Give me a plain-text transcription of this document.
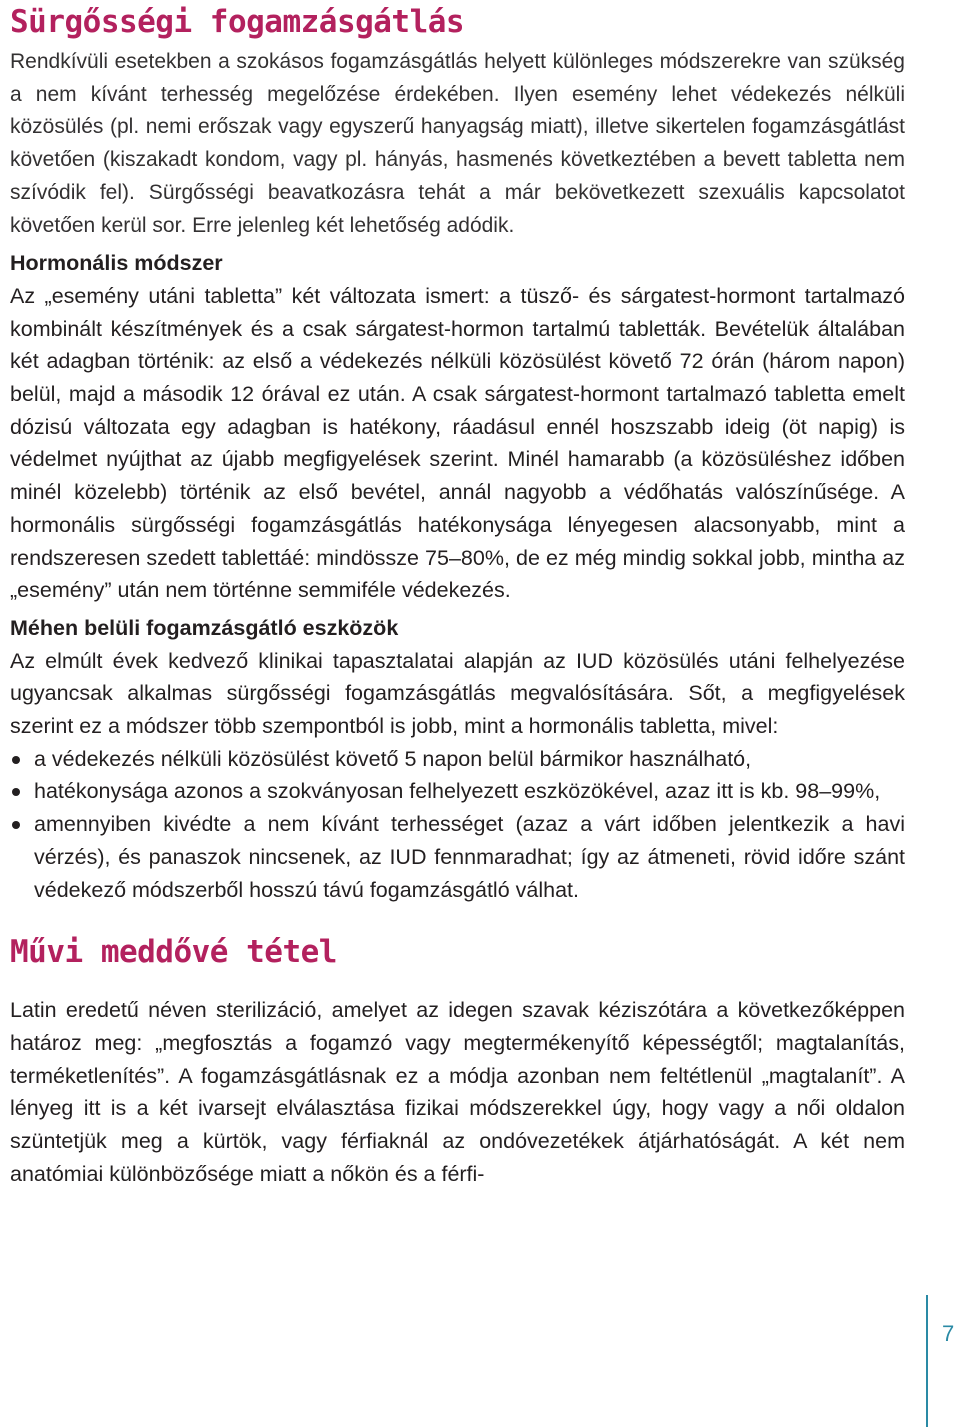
Sürgősségi fogamzásgátlás

Rendkívüli esetekben a szokásos fogamzásgátlás helyett különleges módszerekre van szükség a nem kívánt terhesség megelőzése érdekében. Ilyen esemény lehet védekezés nélküli közösülés (pl. nemi erőszak vagy egyszerű hanyagság miatt), illetve sikertelen fogamzásgátlást követően (kiszakadt kondom, vagy pl. hányás, hasmenés következtében a bevett tabletta nem szívódik fel). Sürgősségi beavatkozásra tehát a már bekövetkezett szexuális kapcsolatot követően kerül sor. Erre jelenleg két lehetőség adódik.

Hormonális módszer

Az „esemény utáni tabletta” két változata ismert: a tüsző- és sárgatest-hormont tartalmazó kombinált készítmények és a csak sárgatest-hormon tartalmú tabletták. Bevételük általában két adagban történik: az első a védekezés nélküli közösülést követő 72 órán (három napon) belül, majd a második 12 órával ez után. A csak sárgatest-hormont tartalmazó tabletta emelt dózisú változata egy adagban is hatékony, ráadásul ennél hoszszabb ideig (öt napig) is védelmet nyújthat az újabb megfigyelések szerint. Minél hamarabb (a közösüléshez időben minél közelebb) történik az első bevétel, annál nagyobb a védőhatás valószínűsége. A hormonális sürgősségi fogamzásgátlás hatékonysága lényegesen alacsonyabb, mint a rendszeresen szedett tablettáé: mindössze 75–80%, de ez még mindig sokkal jobb, mintha az „esemény” után nem történne semmiféle védekezés.

Méhen belüli fogamzásgátló eszközök

Az elmúlt évek kedvező klinikai tapasztalatai alapján az IUD közösülés utáni felhelyezése ugyancsak alkalmas sürgősségi fogamzásgátlás megvalósítására. Sőt, a megfigyelések szerint ez a módszer több szempontból is jobb, mint a hormonális tabletta, mivel:

a védekezés nélküli közösülést követő 5 napon belül bármikor használható,
hatékonysága azonos a szokványosan felhelyezett eszközökével, azaz itt is kb. 98–99%,
amennyiben kivédte a nem kívánt terhességet (azaz a várt időben jelentkezik a havi vérzés), és panaszok nincsenek, az IUD fennmaradhat; így az átmeneti, rövid időre szánt védekező módszerből hosszú távú fogamzásgátló válhat.
Művi meddővé tétel

Latin eredetű néven sterilizáció, amelyet az idegen szavak kéziszótára a következőképpen határoz meg: „megfosztás a fogamzó vagy megtermékenyítő képességtől; magtalanítás, terméketlenítés”. A fogamzásgátlásnak ez a módja azonban nem feltétlenül „magtalanít”. A lényeg itt is a két ivarsejt elválasztása fizikai módszerekkel úgy, hogy vagy a női oldalon szüntetjük meg a kürtök, vagy férfiaknál az ondóvezetékek átjárhatóságát. A két nem anatómiai különbözősége miatt a nőkön és a férfi-

7
